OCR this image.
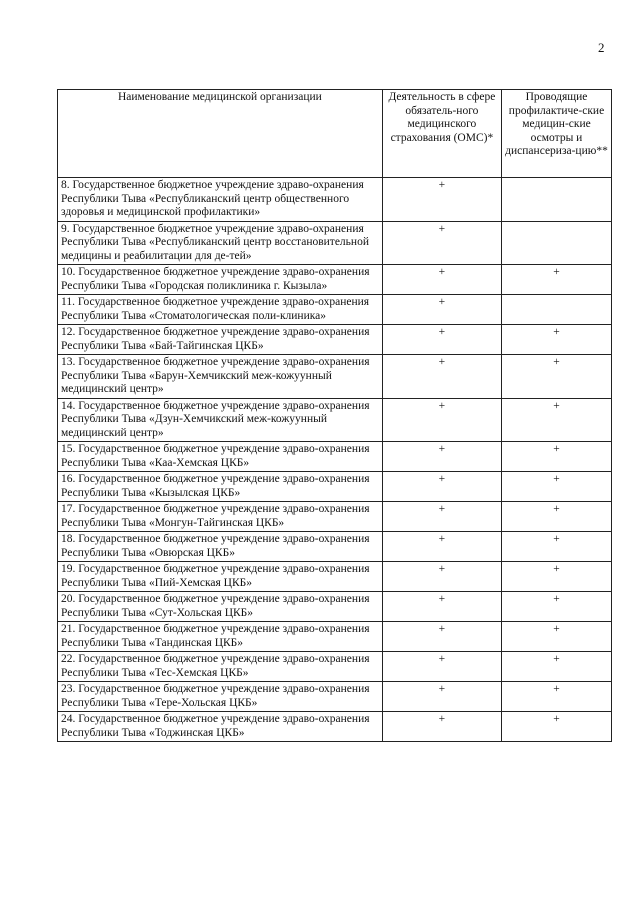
2
Наименование медицинской организации	Деятельность в сфере обязатель-ного медицинского страхования (ОМС)*	Проводящие профилактиче-ские медицин-ские осмотры и диспансериза-цию**
8. Государственное бюджетное учреждение здраво-охранения Республики Тыва «Республиканский центр общественного здоровья и медицинской профилактики»	+	
9. Государственное бюджетное учреждение здраво-охранения Республики Тыва «Республиканский центр восстановительной медицины и реабилитации для де-тей»	+	
10. Государственное бюджетное учреждение здраво-охранения Республики Тыва «Городская поликлиника г. Кызыла»	+	+
11. Государственное бюджетное учреждение здраво-охранения Республики Тыва «Стоматологическая поли-клиника»	+	
12. Государственное бюджетное учреждение здраво-охранения Республики Тыва «Бай-Тайгинская ЦКБ»	+	+
13. Государственное бюджетное учреждение здраво-охранения Республики Тыва «Барун-Хемчикский меж-кожуунный медицинский центр»	+	+
14. Государственное бюджетное учреждение здраво-охранения Республики Тыва «Дзун-Хемчикский меж-кожуунный медицинский центр»	+	+
15. Государственное бюджетное учреждение здраво-охранения Республики Тыва «Каа-Хемская ЦКБ»	+	+
16. Государственное бюджетное учреждение здраво-охранения Республики Тыва «Кызылская ЦКБ»	+	+
17. Государственное бюджетное учреждение здраво-охранения Республики Тыва «Монгун-Тайгинская ЦКБ»	+	+
18. Государственное бюджетное учреждение здраво-охранения Республики Тыва «Овюрская ЦКБ»	+	+
19. Государственное бюджетное учреждение здраво-охранения Республики Тыва «Пий-Хемская ЦКБ»	+	+
20. Государственное бюджетное учреждение здраво-охранения Республики Тыва «Сут-Хольская ЦКБ»	+	+
21. Государственное бюджетное учреждение здраво-охранения Республики Тыва «Тандинская ЦКБ»	+	+
22. Государственное бюджетное учреждение здраво-охранения Республики Тыва «Тес-Хемская ЦКБ»	+	+
23. Государственное бюджетное учреждение здраво-охранения Республики Тыва «Тере-Хольская ЦКБ»	+	+
24. Государственное бюджетное учреждение здраво-охранения Республики Тыва «Тоджинская ЦКБ»	+	+
